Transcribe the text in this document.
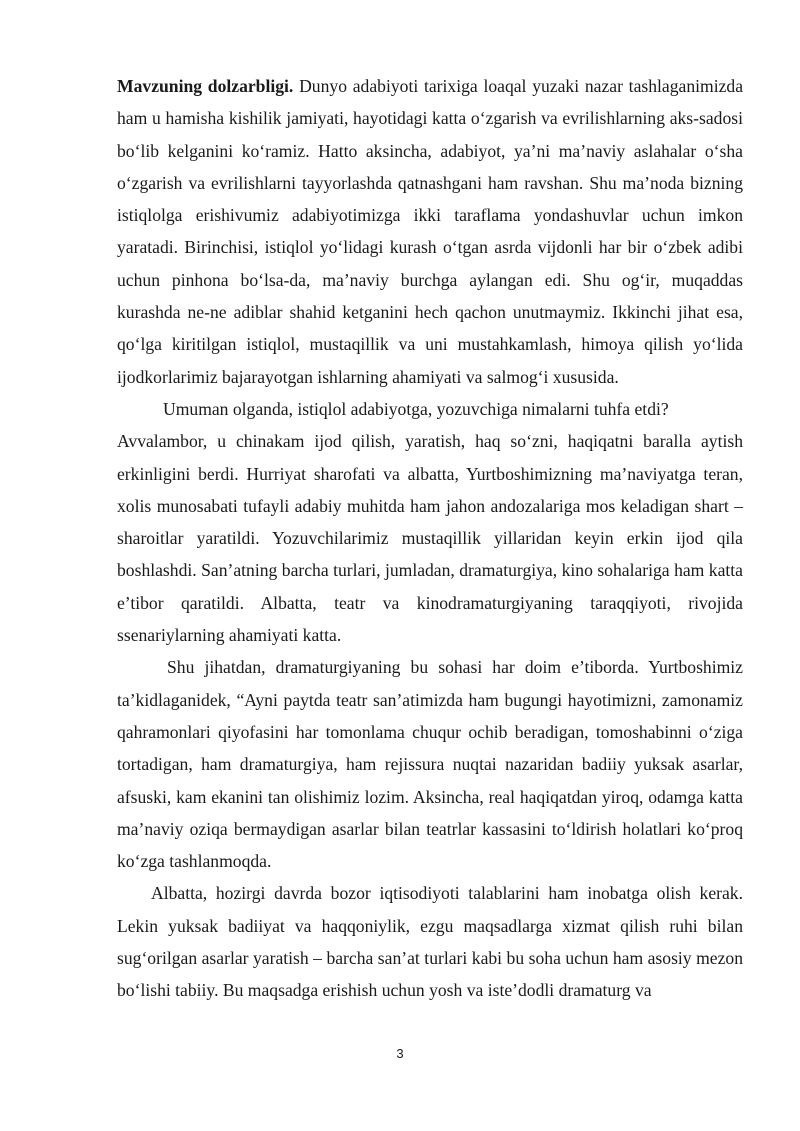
Mavzuning dolzarbligi. Dunyo adabiyoti tarixiga loaqal yuzaki nazar tashlaganimizda ham u hamisha kishilik jamiyati, hayotidagi katta o‘zgarish va evrilishlarning aks-sadosi bo‘lib kelganini ko‘ramiz. Hatto aksincha, adabiyot, ya’ni ma’naviy aslahalar o‘sha o‘zgarish va evrilishlarni tayyorlashda qatnashgani ham ravshan. Shu ma’noda bizning istiqlolga erishivumiz adabiyotimizga ikki taraflama yondashuvlar uchun imkon yaratadi. Birinchisi, istiqlol yo‘lidagi kurash o‘tgan asrda vijdonli har bir o‘zbek adibi uchun pinhona bo‘lsa-da, ma’naviy burchga aylangan edi. Shu og‘ir, muqaddas kurashda ne-ne adiblar shahid ketganini hech qachon unutmaymiz. Ikkinchi jihat esa, qo‘lga kiritilgan istiqlol, mustaqillik va uni mustahkamlash, himoya qilish yo‘lida ijodkorlarimiz bajarayotgan ishlarning ahamiyati va salmog‘i xususida.

Umuman olganda, istiqlol adabiyotga, yozuvchiga nimalarni tuhfa etdi?

Avvalambor, u chinakam ijod qilish, yaratish, haq so‘zni, haqiqatni baralla aytish erkinligini berdi. Hurriyat sharofati va albatta, Yurtboshimizning ma’naviyatga teran, xolis munosabati tufayli adabiy muhitda ham jahon andozalariga mos keladigan shart – sharoitlar yaratildi. Yozuvchilarimiz mustaqillik yillaridan keyin erkin ijod qila boshlashdi. San’atning barcha turlari, jumladan, dramaturgiya, kino sohalariga ham katta e’tibor qaratildi. Albatta, teatr va kinodramaturgiyaning taraqqiyoti, rivojida ssenariylarning ahamiyati katta.

Shu jihatdan, dramaturgiyaning bu sohasi har doim e’tiborda. Yurtboshimiz ta’kidlaganidek, “Ayni paytda teatr san’atimizda ham bugungi hayotimizni, zamonamiz qahramonlari qiyofasini har tomonlama chuqur ochib beradigan, tomoshabinni o‘ziga tortadigan, ham dramaturgiya, ham rejissura nuqtai nazaridan badiiy yuksak asarlar, afsuski, kam ekanini tan olishimiz lozim. Aksincha, real haqiqatdan yiroq, odamga katta ma’naviy oziqa bermaydigan asarlar bilan teatrlar kassasini to‘ldirish holatlari ko‘proq ko‘zga tashlanmoqda.

Albatta, hozirgi davrda bozor iqtisodiyoti talablarini ham inobatga olish kerak. Lekin yuksak badiiyat va haqqoniylik, ezgu maqsadlarga xizmat qilish ruhi bilan sug‘orilgan asarlar yaratish – barcha san’at turlari kabi bu soha uchun ham asosiy mezon bo‘lishi tabiiy. Bu maqsadga erishish uchun yosh va iste’dodli dramaturg va

3
